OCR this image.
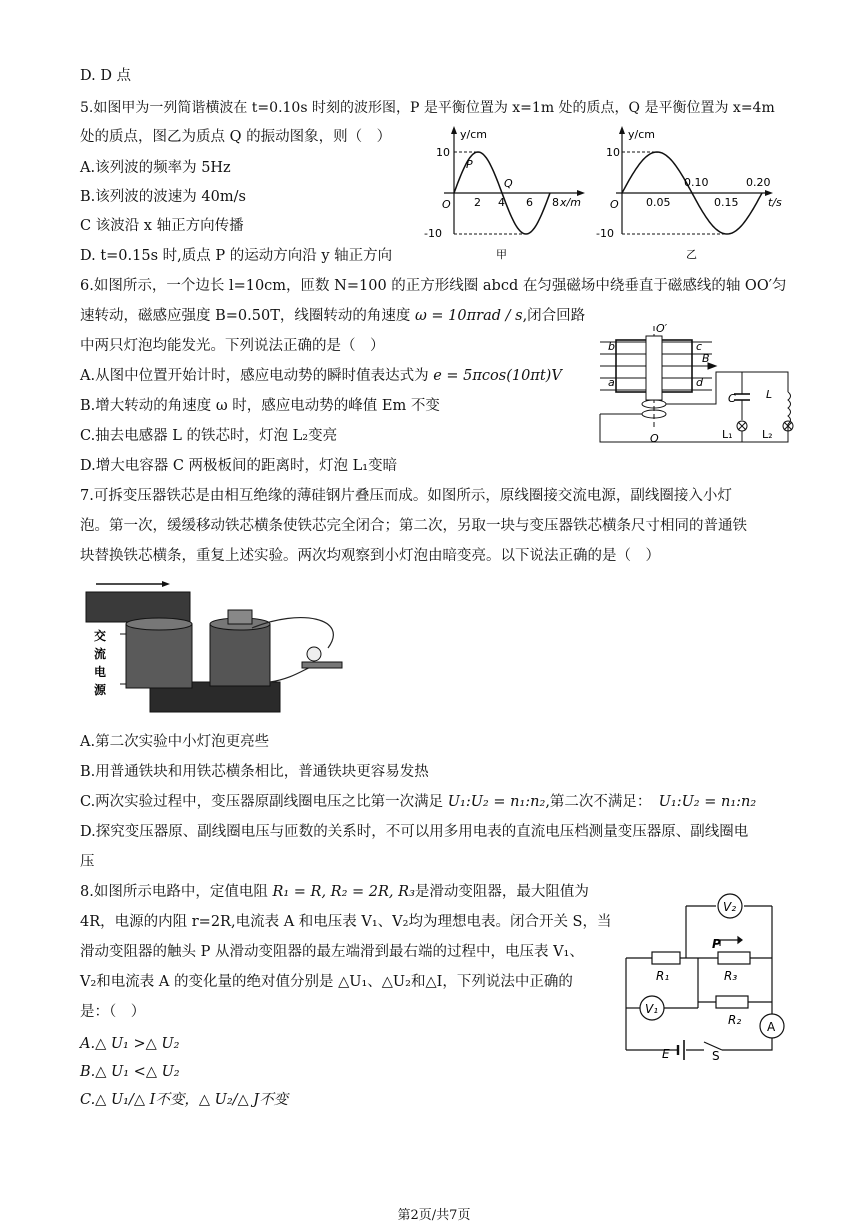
D. D 点
5.如图甲为一列简谐横波在 t=0.10s 时刻的波形图，P 是平衡位置为 x=1m 处的质点，Q 是平衡位置为 x=4m
处的质点，图乙为质点 Q 的振动图象，则（　）
A.该列波的频率为 5Hz
B.该列波的波速为 40m/s
C 该波沿 x 轴正方向传播
D. t=0.15s 时,质点 P 的运动方向沿 y 轴正方向
y/cm
10
-10
O 2 4 6 8 x/m
P
Q
甲
y/cm
10
-10
O 0.05
0.10
0.15
0.20
t/s
乙
6.如图所示，一个边长 l=10cm，匝数 N=100 的正方形线圈 abcd 在匀强磁场中绕垂直于磁感线的轴 OO′匀
速转动，磁感应强度 B=0.50T，线圈转动的角速度 ω = 10πrad / s,闭合回路
中两只灯泡均能发光。下列说法正确的是（　）
A.从图中位置开始计时，感应电动势的瞬时值表达式为 e = 5πcos(10πt)V
B.增大转动的角速度 ω 时，感应电动势的峰值 Em 不变
C.抽去电感器 L 的铁芯时，灯泡 L₂变亮
D.增大电容器 C 两极板间的距离时，灯泡 L₁变暗
O′
O
a
b	c
d
B
C	L
L₁	L₂
7.可拆变压器铁芯是由相互绝缘的薄硅钢片叠压而成。如图所示，原线圈接交流电源，副线圈接入小灯
泡。第一次，缓缓移动铁芯横条使铁芯完全闭合；第二次，另取一块与变压器铁芯横条尺寸相同的普通铁
块替换铁芯横条，重复上述实验。两次均观察到小灯泡由暗变亮。以下说法正确的是（　）
交
流
电
源
A.第二次实验中小灯泡更亮些
B.用普通铁块和用铁芯横条相比，普通铁块更容易发热
C.两次实验过程中，变压器原副线圈电压之比第一次满足 U₁:U₂ = n₁:n₂,第二次不满足：　 U₁:U₂ = n₁:n₂
D.探究变压器原、副线圈电压与匝数的关系时，不可以用多用电表的直流电压档测量变压器原、副线圈电
压
8.如图所示电路中，定值电阻 R₁ = R, R₂ = 2R, R₃是滑动变阻器，最大阻值为
4R，电源的内阻 r=2R,电流表 A 和电压表 V₁、V₂均为理想电表。闭合开关 S，当
滑动变阻器的触头 P 从滑动变阻器的最左端滑到最右端的过程中，电压表 V₁、
V₂和电流表 A 的变化量的绝对值分别是 △U₁、△U₂和△I，下列说法中正确的
是：（　）
A.△ U₁ >△ U₂
B.△ U₁ <△ U₂
C.△ U₁/△ I不变，△ U₂/△ J不变
V₂
V₁
A
P
R₁	R₃
R₂
E	S
第2页/共7页
